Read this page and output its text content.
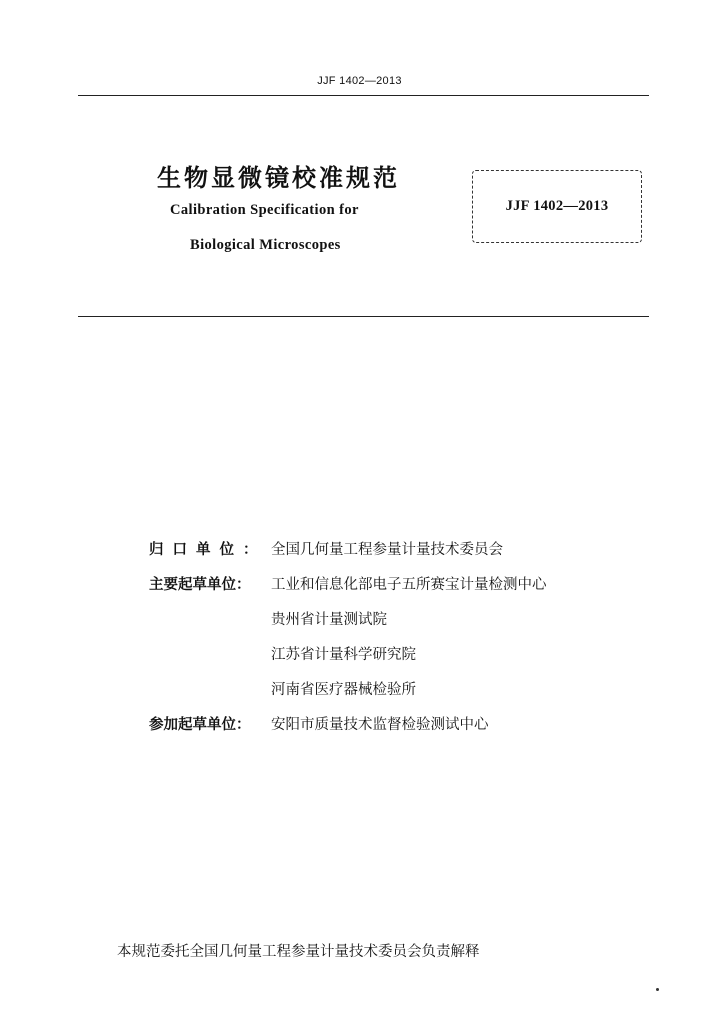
JJF 1402—2013
生物显微镜校准规范
Calibration Specification for
Biological Microscopes
JJF 1402—2013
归口单位： 全国几何量工程参量计量技术委员会
主要起草单位：	工业和信息化部电子五所赛宝计量检测中心
贵州省计量测试院
江苏省计量科学研究院
河南省医疗器械检验所
参加起草单位：	安阳市质量技术监督检验测试中心
本规范委托全国几何量工程参量计量技术委员会负责解释
